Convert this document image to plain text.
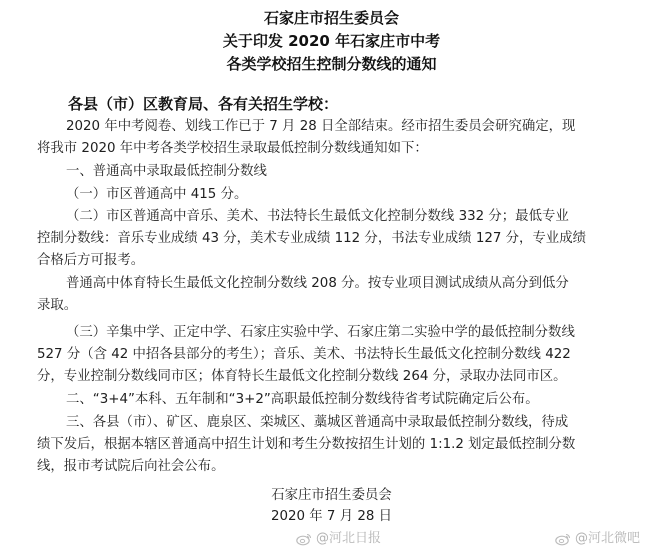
石家庄市招生委员会
关于印发 2020 年石家庄市中考
各类学校招生控制分数线的通知
各县（市）区教育局、各有关招生学校：
2020 年中考阅卷、划线工作已于 7 月 28 日全部结束。经市招生委员会研究确定，现
将我市 2020 年中考各类学校招生录取最低控制分数线通知如下：
一、普通高中录取最低控制分数线
（一）市区普通高中 415 分。
（二）市区普通高中音乐、美术、书法特长生最低文化控制分数线 332 分；最低专业
控制分数线：音乐专业成绩 43 分，美术专业成绩 112 分，书法专业成绩 127 分，专业成绩
合格后方可报考。
普通高中体育特长生最低文化控制分数线 208 分。按专业项目测试成绩从高分到低分
录取。
（三）辛集中学、正定中学、石家庄实验中学、石家庄第二实验中学的最低控制分数线
527 分（含 42 中招各县部分的考生）；音乐、美术、书法特长生最低文化控制分数线 422
分，专业控制分数线同市区；体育特长生最低文化控制分数线 264 分，录取办法同市区。
二、“3+4”本科、五年制和“3+2”高职最低控制分数线待省考试院确定后公布。
三、各县（市）、矿区、鹿泉区、栾城区、藁城区普通高中录取最低控制分数线，待成
绩下发后，根据本辖区普通高中招生计划和考生分数按招生计划的 1:1.2 划定最低控制分数
线，报市考试院后向社会公布。
石家庄市招生委员会
2020 年 7 月 28 日
@河北日报	@河北微吧
